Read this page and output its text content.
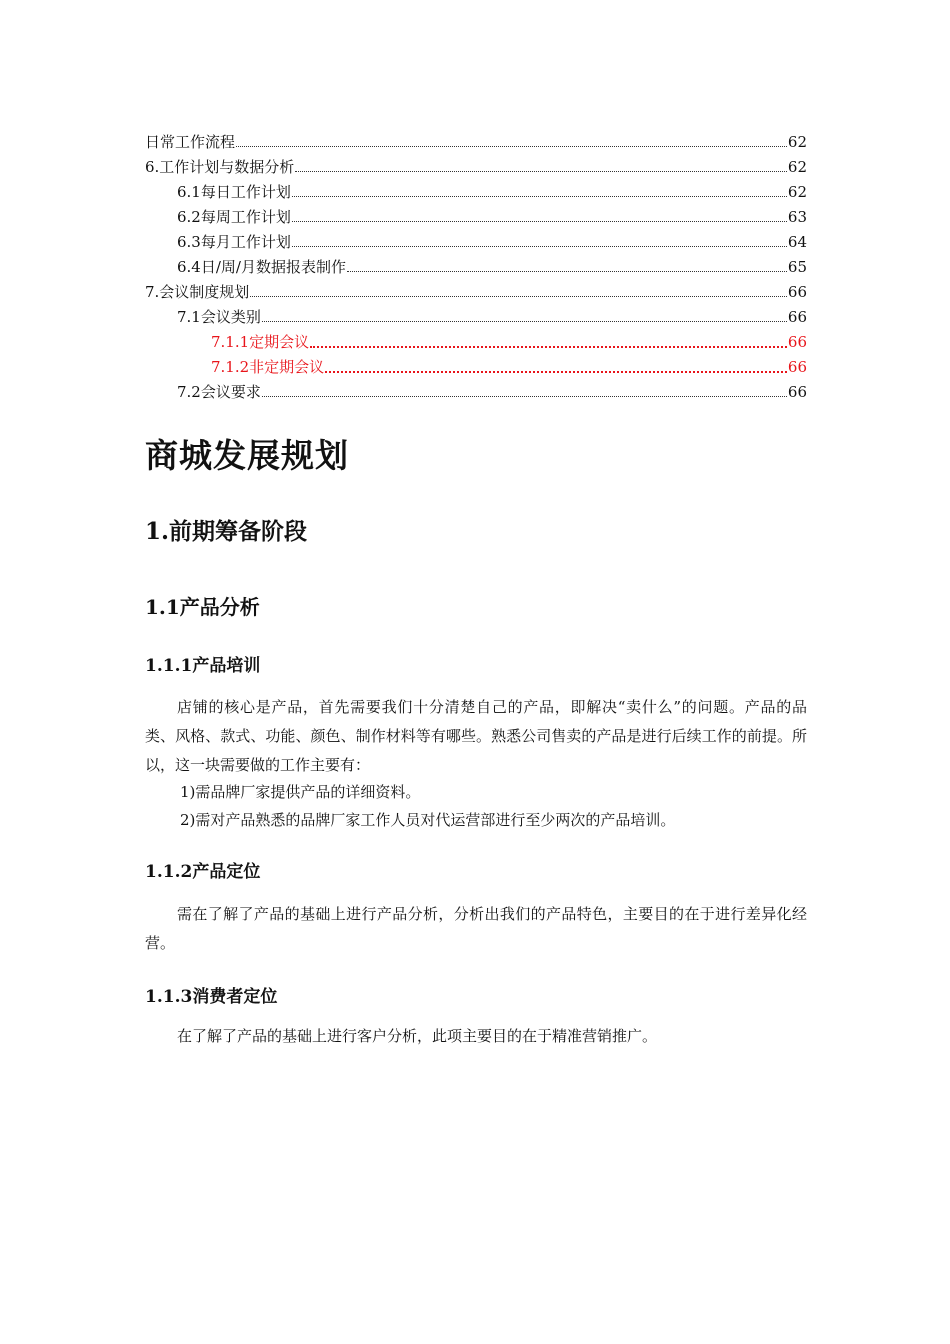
日常工作流程	62
6.工作计划与数据分析	62
6.1每日工作计划	62
6.2每周工作计划	63
6.3每月工作计划	64
6.4日/周/月数据报表制作	65
7.会议制度规划	66
7.1会议类别	66
7.1.1定期会议	66
7.1.2非定期会议	66
7.2会议要求	66
商城发展规划
1.前期筹备阶段
1.1产品分析
1.1.1产品培训
店铺的核心是产品，首先需要我们十分清楚自己的产品，即解决“卖什么”的问题。产品的品类、风格、款式、功能、颜色、制作材料等有哪些。熟悉公司售卖的产品是进行后续工作的前提。所以，这一块需要做的工作主要有：
1)需品牌厂家提供产品的详细资料。
2)需对产品熟悉的品牌厂家工作人员对代运营部进行至少两次的产品培训。
1.1.2产品定位
需在了解了产品的基础上进行产品分析，分析出我们的产品特色，主要目的在于进行差异化经营。
1.1.3消费者定位
在了解了产品的基础上进行客户分析，此项主要目的在于精准营销推广。
